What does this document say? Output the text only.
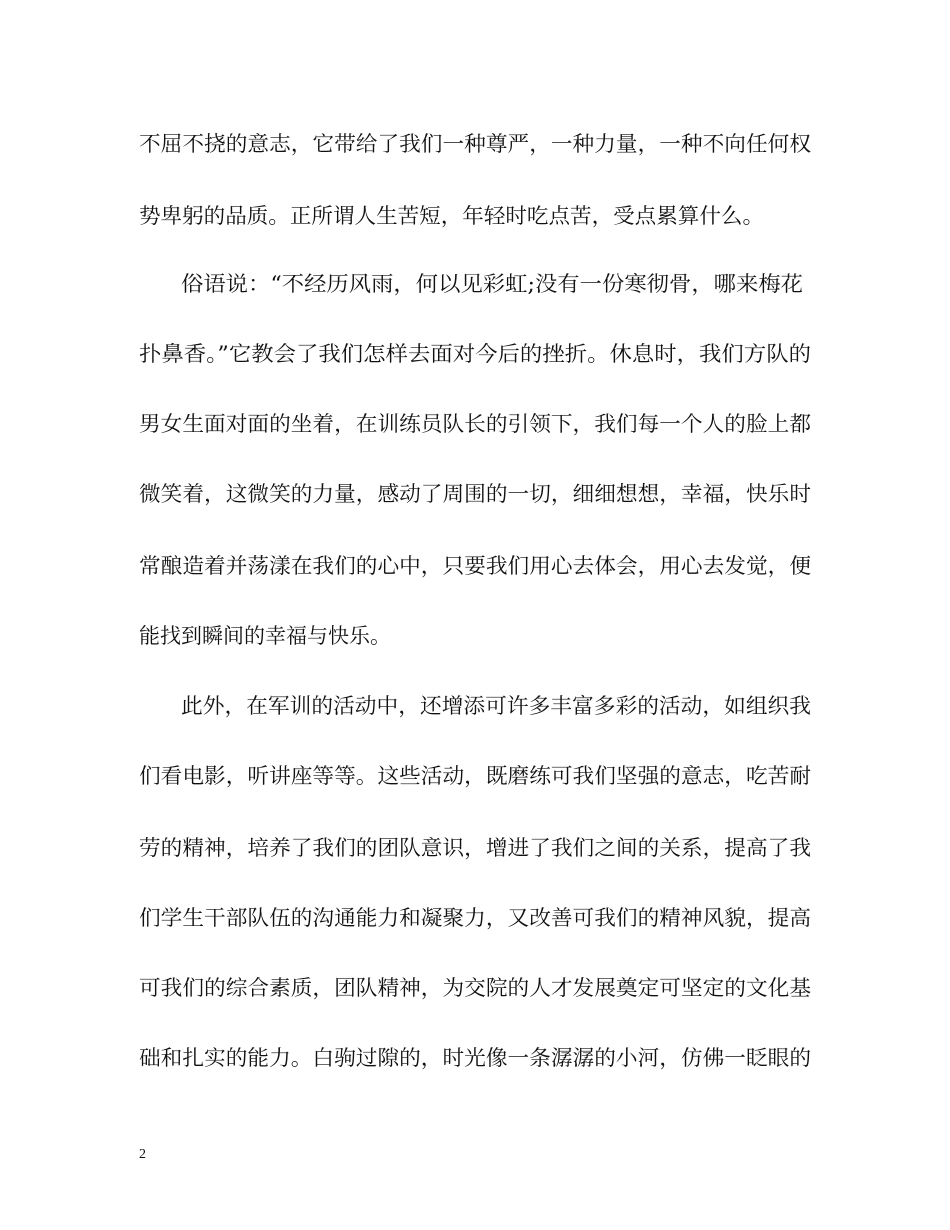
不屈不挠的意志，它带给了我们一种尊严，一种力量，一种不向任何权
势卑躬的品质。正所谓人生苦短，年轻时吃点苦，受点累算什么。
俗语说：“不经历风雨，何以见彩虹;没有一份寒彻骨，哪来梅花
扑鼻香。”它教会了我们怎样去面对今后的挫折。休息时，我们方队的
男女生面对面的坐着，在训练员队长的引领下，我们每一个人的脸上都
微笑着，这微笑的力量，感动了周围的一切，细细想想，幸福，快乐时
常酿造着并荡漾在我们的心中，只要我们用心去体会，用心去发觉，便
能找到瞬间的幸福与快乐。
此外，在军训的活动中，还增添可许多丰富多彩的活动，如组织我
们看电影，听讲座等等。这些活动，既磨练可我们坚强的意志，吃苦耐
劳的精神，培养了我们的团队意识，增进了我们之间的关系，提高了我
们学生干部队伍的沟通能力和凝聚力，又改善可我们的精神风貌，提高
可我们的综合素质，团队精神，为交院的人才发展奠定可坚定的文化基
础和扎实的能力。白驹过隙的，时光像一条潺潺的小河，仿佛一眨眼的
2
